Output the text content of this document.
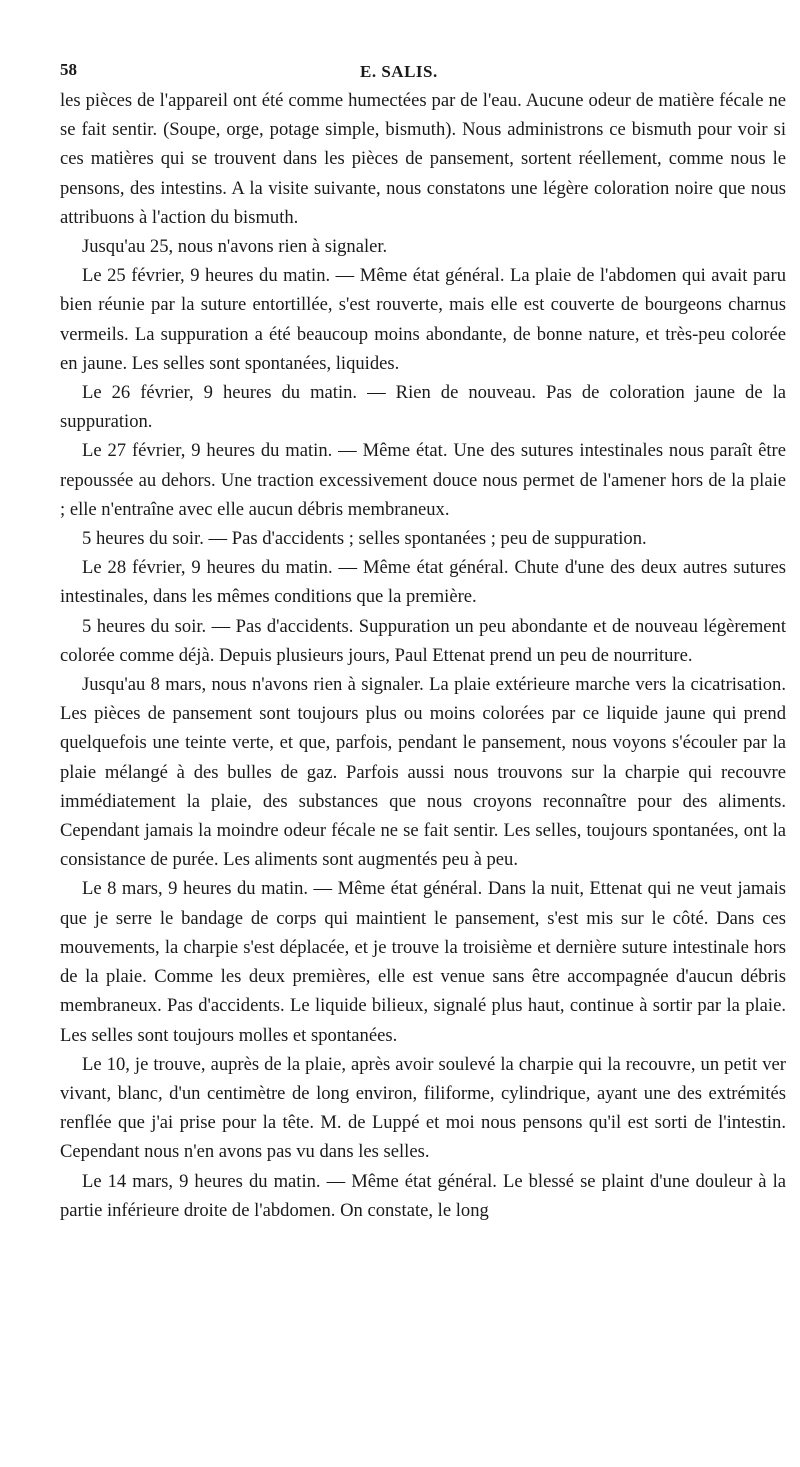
58	E. SALIS.

les pièces de l'appareil ont été comme humectées par de l'eau. Aucune odeur de matière fécale ne se fait sentir. (Soupe, orge, potage simple, bismuth). Nous administrons ce bismuth pour voir si ces matières qui se trouvent dans les pièces de pansement, sortent réellement, comme nous le pensons, des intestins. A la visite suivante, nous constatons une légère coloration noire que nous attribuons à l'action du bismuth.

Jusqu'au 25, nous n'avons rien à signaler.

Le 25 février, 9 heures du matin. — Même état général. La plaie de l'abdomen qui avait paru bien réunie par la suture entortillée, s'est rouverte, mais elle est couverte de bourgeons charnus vermeils. La suppuration a été beaucoup moins abondante, de bonne nature, et très-peu colorée en jaune. Les selles sont spontanées, liquides.

Le 26 février, 9 heures du matin. — Rien de nouveau. Pas de coloration jaune de la suppuration.

Le 27 février, 9 heures du matin. — Même état. Une des sutures intestinales nous paraît être repoussée au dehors. Une traction excessivement douce nous permet de l'amener hors de la plaie ; elle n'entraîne avec elle aucun débris membraneux.

5 heures du soir. — Pas d'accidents ; selles spontanées ; peu de suppuration.

Le 28 février, 9 heures du matin. — Même état général. Chute d'une des deux autres sutures intestinales, dans les mêmes conditions que la première.

5 heures du soir. — Pas d'accidents. Suppuration un peu abondante et de nouveau légèrement colorée comme déjà. Depuis plusieurs jours, Paul Ettenat prend un peu de nourriture.

Jusqu'au 8 mars, nous n'avons rien à signaler. La plaie extérieure marche vers la cicatrisation. Les pièces de pansement sont toujours plus ou moins colorées par ce liquide jaune qui prend quelquefois une teinte verte, et que, parfois, pendant le pansement, nous voyons s'écouler par la plaie mélangé à des bulles de gaz. Parfois aussi nous trouvons sur la charpie qui recouvre immédiatement la plaie, des substances que nous croyons reconnaître pour des aliments. Cependant jamais la moindre odeur fécale ne se fait sentir. Les selles, toujours spontanées, ont la consistance de purée. Les aliments sont augmentés peu à peu.

Le 8 mars, 9 heures du matin. — Même état général. Dans la nuit, Ettenat qui ne veut jamais que je serre le bandage de corps qui maintient le pansement, s'est mis sur le côté. Dans ces mouvements, la charpie s'est déplacée, et je trouve la troisième et dernière suture intestinale hors de la plaie. Comme les deux premières, elle est venue sans être accompagnée d'aucun débris membraneux. Pas d'accidents. Le liquide bilieux, signalé plus haut, continue à sortir par la plaie. Les selles sont toujours molles et spontanées.

Le 10, je trouve, auprès de la plaie, après avoir soulevé la charpie qui la recouvre, un petit ver vivant, blanc, d'un centimètre de long environ, filiforme, cylindrique, ayant une des extrémités renflée que j'ai prise pour la tête. M. de Luppé et moi nous pensons qu'il est sorti de l'intestin. Cependant nous n'en avons pas vu dans les selles.

Le 14 mars, 9 heures du matin. — Même état général. Le blessé se plaint d'une douleur à la partie inférieure droite de l'abdomen. On constate, le long
